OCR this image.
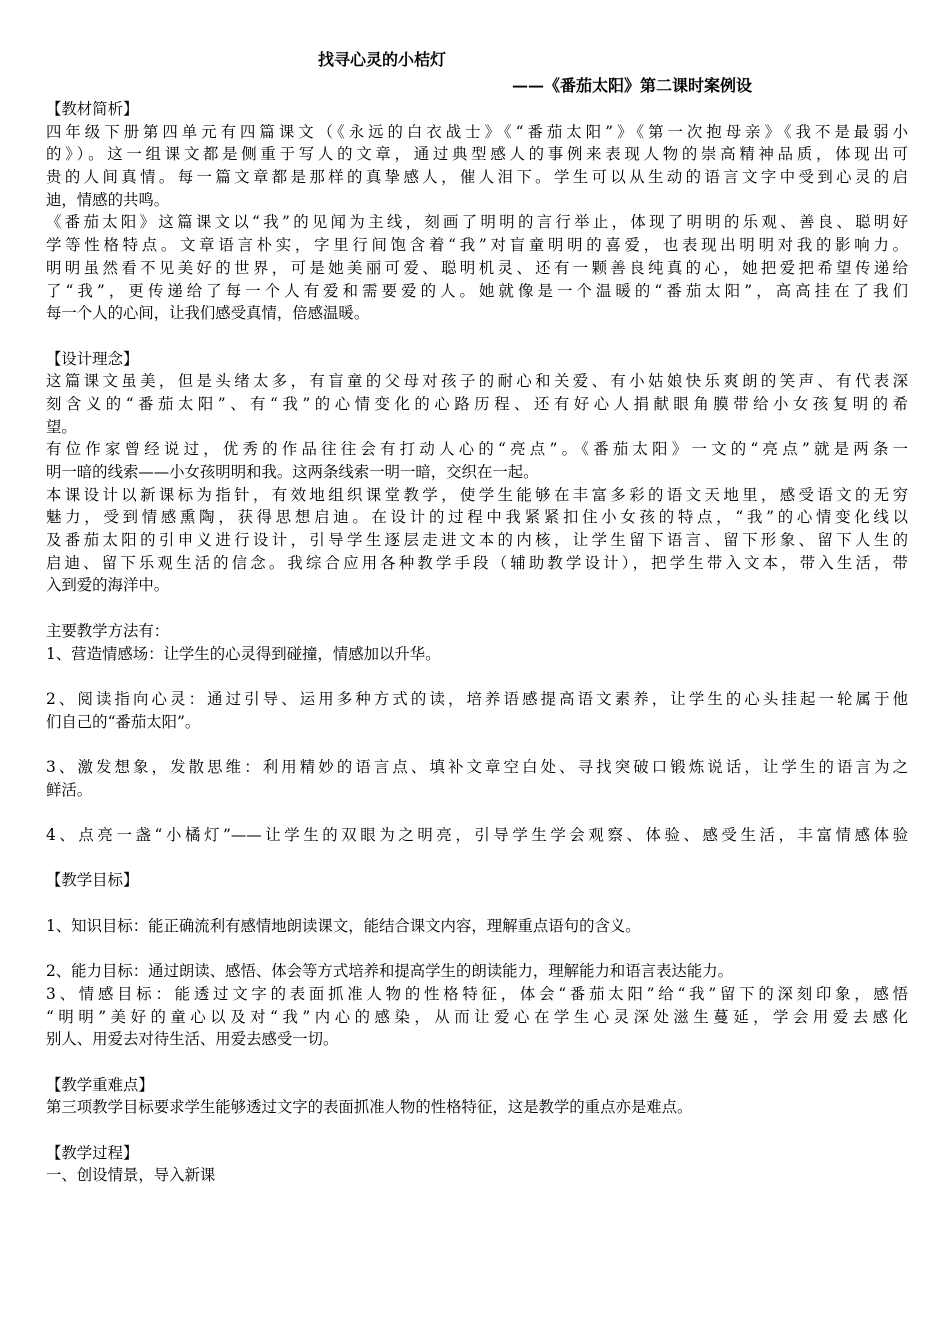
找寻心灵的小桔灯
——《番茄太阳》第二课时案例设
【教材简析】
四年级下册第四单元有四篇课文（《永远的白衣战士》《“番茄太阳”》《第一次抱母亲》《我不是最弱小
的》）。这一组课文都是侧重于写人的文章，通过典型感人的事例来表现人物的崇高精神品质，体现出可
贵的人间真情。每一篇文章都是那样的真挚感人，催人泪下。学生可以从生动的语言文字中受到心灵的启
迪，情感的共鸣。
《番茄太阳》这篇课文以“我”的见闻为主线，刻画了明明的言行举止，体现了明明的乐观、善良、聪明好
学等性格特点。文章语言朴实，字里行间饱含着“我”对盲童明明的喜爱，也表现出明明对我的影响力。
明明虽然看不见美好的世界，可是她美丽可爱、聪明机灵、还有一颗善良纯真的心，她把爱把希望传递给
了“我”，更传递给了每一个人有爱和需要爱的人。她就像是一个温暖的“番茄太阳”，高高挂在了我们
每一个人的心间，让我们感受真情，倍感温暖。
【设计理念】
这篇课文虽美，但是头绪太多，有盲童的父母对孩子的耐心和关爱、有小姑娘快乐爽朗的笑声、有代表深
刻含义的“番茄太阳”、有“我”的心情变化的心路历程、还有好心人捐献眼角膜带给小女孩复明的希
望。
有位作家曾经说过，优秀的作品往往会有打动人心的“亮点”。《番茄太阳》一文的“亮点”就是两条一
明一暗的线索——小女孩明明和我。这两条线索一明一暗，交织在一起。
本课设计以新课标为指针，有效地组织课堂教学，使学生能够在丰富多彩的语文天地里，感受语文的无穷
魅力，受到情感熏陶，获得思想启迪。在设计的过程中我紧紧扣住小女孩的特点，“我”的心情变化线以
及番茄太阳的引申义进行设计，引导学生逐层走进文本的内核，让学生留下语言、留下形象、留下人生的
启迪、留下乐观生活的信念。我综合应用各种教学手段（辅助教学设计），把学生带入文本，带入生活，带
入到爱的海洋中。
主要教学方法有：
1、营造情感场：让学生的心灵得到碰撞，情感加以升华。
2、阅读指向心灵：通过引导、运用多种方式的读，培养语感提高语文素养，让学生的心头挂起一轮属于他
们自己的“番茄太阳”。
3、激发想象，发散思维：利用精妙的语言点、填补文章空白处、寻找突破口锻炼说话，让学生的语言为之
鲜活。
4、点亮一盏“小橘灯”——让学生的双眼为之明亮，引导学生学会观察、体验、感受生活，丰富情感体验
【教学目标】
1、知识目标：能正确流利有感情地朗读课文，能结合课文内容，理解重点语句的含义。
2、能力目标：通过朗读、感悟、体会等方式培养和提高学生的朗读能力，理解能力和语言表达能力。
3、情感目标：能透过文字的表面抓准人物的性格特征，体会“番茄太阳”给“我”留下的深刻印象，感悟
“明明”美好的童心以及对“我”内心的感染，从而让爱心在学生心灵深处滋生蔓延，学会用爱去感化
别人、用爱去对待生活、用爱去感受一切。
【教学重难点】
第三项教学目标要求学生能够透过文字的表面抓准人物的性格特征，这是教学的重点亦是难点。
【教学过程】
一、创设情景，导入新课
